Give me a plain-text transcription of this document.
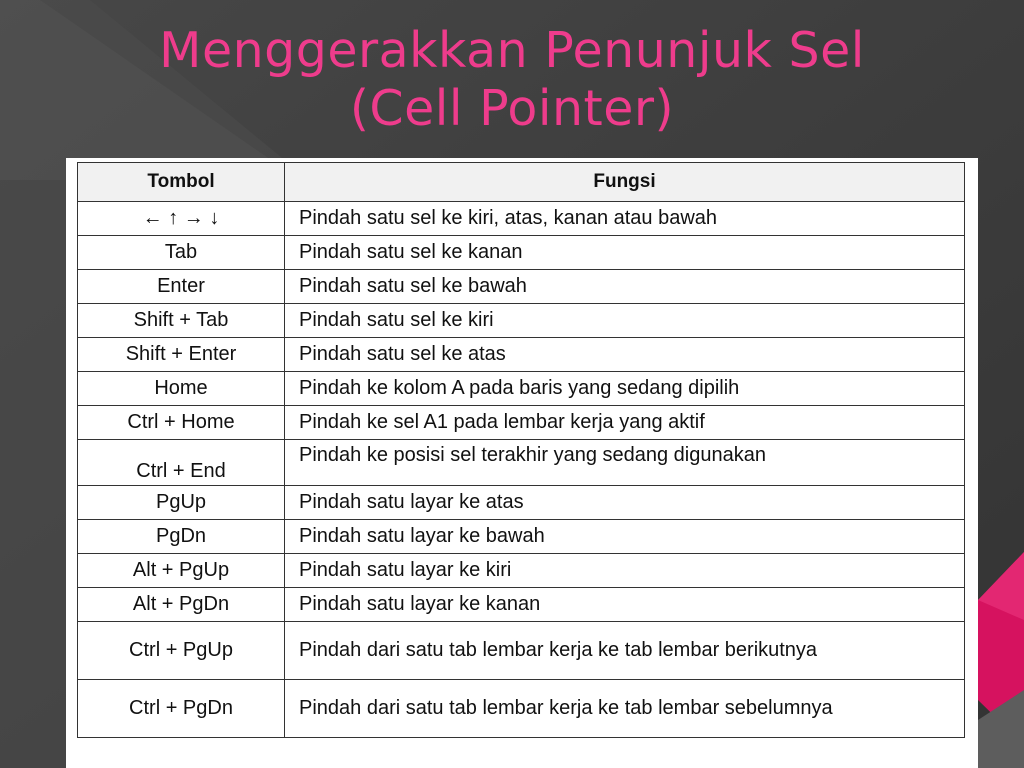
Menggerakkan Penunjuk Sel
(Cell Pointer)
Tombol	Fungsi
← ↑ → ↓	Pindah satu sel ke kiri, atas, kanan atau bawah
Tab	Pindah satu sel ke kanan
Enter	Pindah satu sel ke bawah
Shift + Tab	Pindah satu sel ke kiri
Shift + Enter	Pindah satu sel ke atas
Home	Pindah ke kolom A pada baris yang sedang dipilih
Ctrl + Home	Pindah ke sel A1 pada lembar kerja yang aktif
Ctrl + End	Pindah ke posisi sel terakhir yang sedang digunakan
PgUp	Pindah satu layar ke atas
PgDn	Pindah satu layar ke bawah
Alt + PgUp	Pindah satu layar ke kiri
Alt + PgDn	Pindah satu layar ke kanan
Ctrl + PgUp	Pindah dari satu tab lembar kerja ke tab lembar berikutnya
Ctrl + PgDn	Pindah dari satu tab lembar kerja ke tab lembar sebelumnya
